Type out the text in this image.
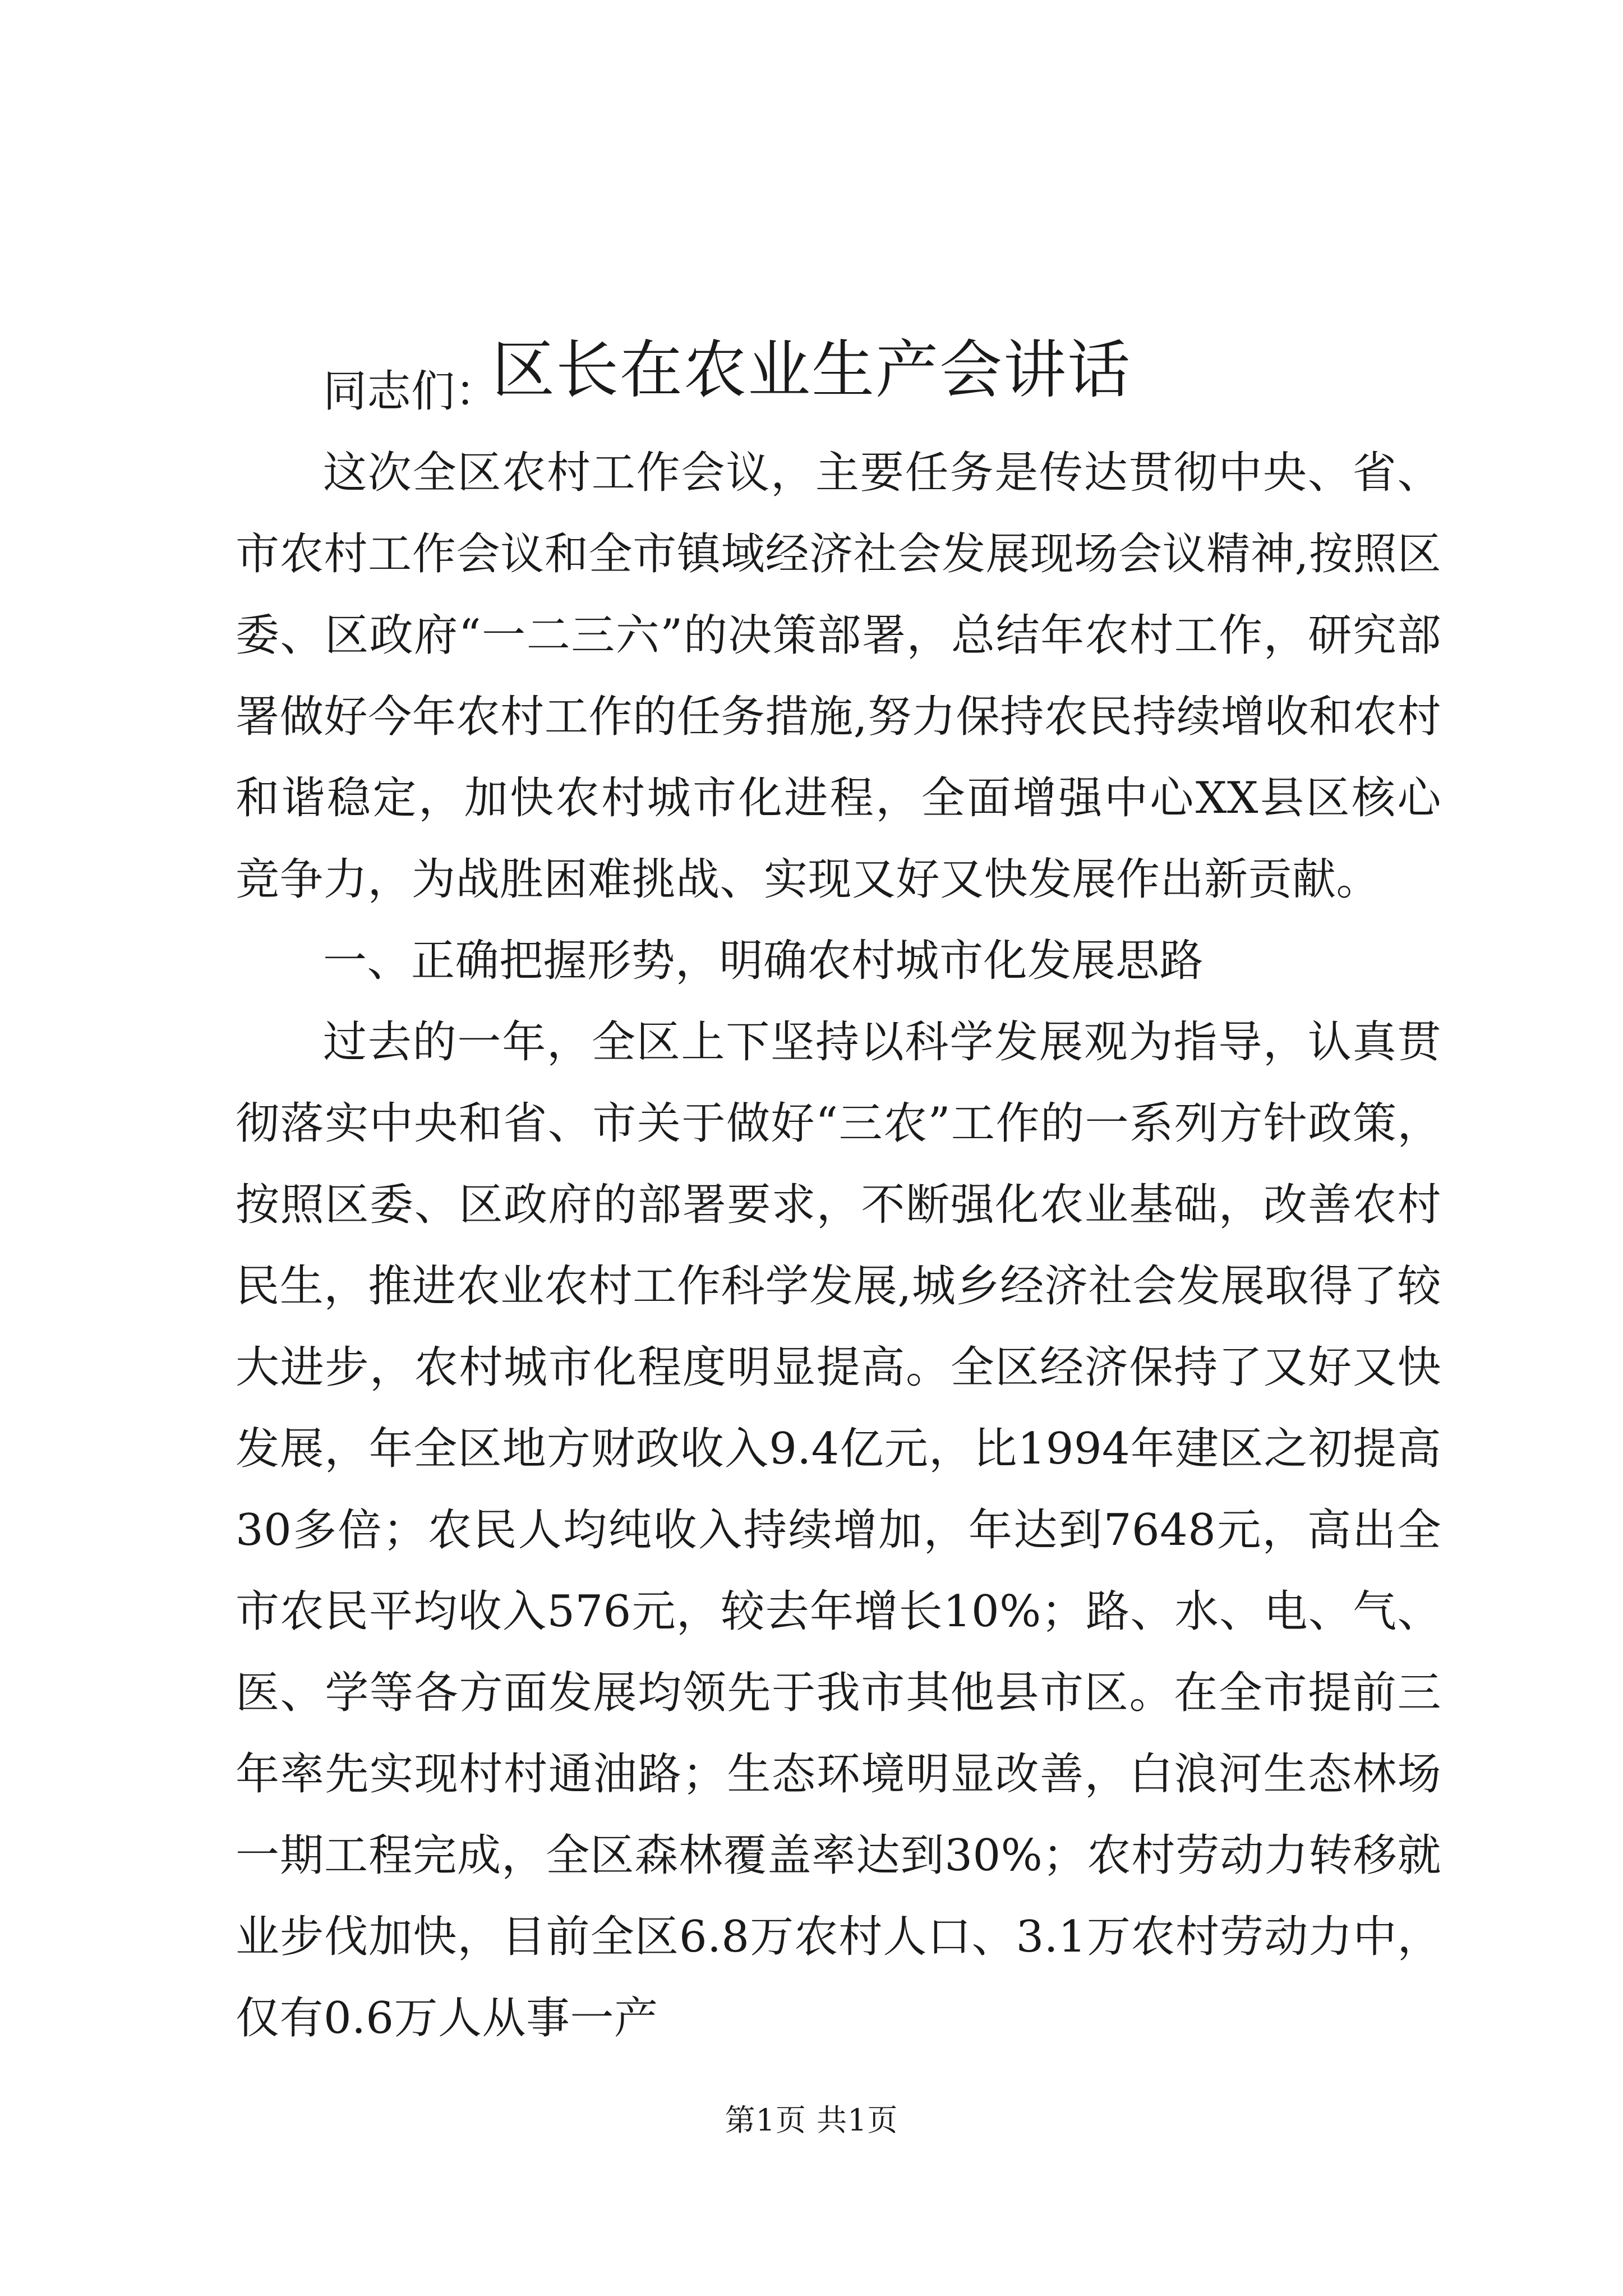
区长在农业生产会讲话

同志们：

这次全区农村工作会议，主要任务是传达贯彻中央、省、市农村工作会议和全市镇域经济社会发展现场会议精神,按照区委、区政府“一二三六”的决策部署，总结年农村工作，研究部署做好今年农村工作的任务措施,努力保持农民持续增收和农村和谐稳定，加快农村城市化进程，全面增强中心XX县区核心竞争力，为战胜困难挑战、实现又好又快发展作出新贡献。

一、正确把握形势，明确农村城市化发展思路

过去的一年，全区上下坚持以科学发展观为指导，认真贯彻落实中央和省、市关于做好“三农”工作的一系列方针政策，按照区委、区政府的部署要求，不断强化农业基础，改善农村民生，推进农业农村工作科学发展,城乡经济社会发展取得了较大进步，农村城市化程度明显提高。全区经济保持了又好又快发展，年全区地方财政收入9.4亿元，比1994年建区之初提高30多倍；农民人均纯收入持续增加，年达到7648元，高出全市农民平均收入576元，较去年增长10%；路、水、电、气、医、学等各方面发展均领先于我市其他县市区。在全市提前三年率先实现村村通油路；生态环境明显改善，白浪河生态林场一期工程完成，全区森林覆盖率达到30%；农村劳动力转移就业步伐加快，目前全区6.8万农村人口、3.1万农村劳动力中，仅有0.6万人从事一产

第1页 共1页
